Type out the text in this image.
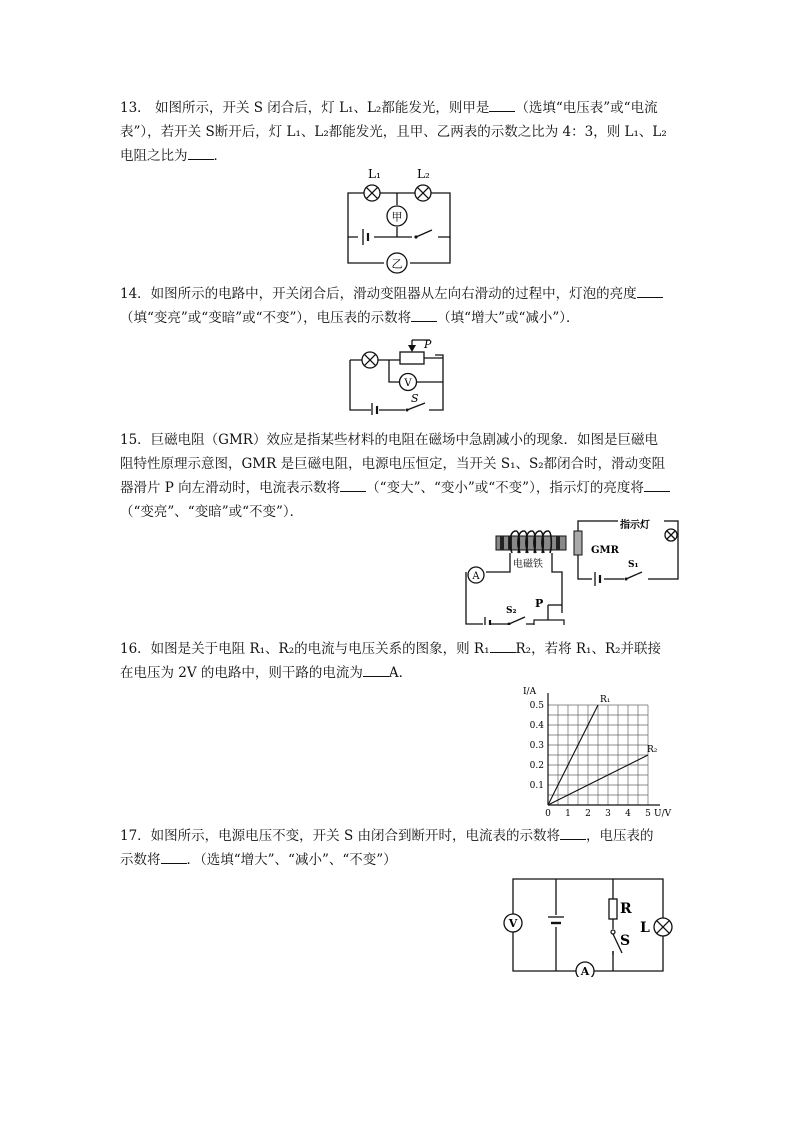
13． 如图所示，开关 S 闭合后，灯 L₁、L₂都能发光，则甲是 （选填“电压表”或“电流

表”），若开关 S断开后，灯 L₁、L₂都能发光，且甲、乙两表的示数之比为 4：3，则 L₁、L₂

电阻之比为 ．

L₁	L₂
甲
乙

14．如图所示的电路中，开关闭合后，滑动变阻器从左向右滑动的过程中，灯泡的亮度

（填“变亮”或“变暗”或“不变”），电压表的示数将 （填“增大”或“减小”）．

P
V
S

15．巨磁电阻（GMR）效应是指某些材料的电阻在磁场中急剧减小的现象．如图是巨磁电

阻特性原理示意图，GMR 是巨磁电阻，电源电压恒定，当开关 S₁、S₂都闭合时，滑动变阻

器滑片 P 向左滑动时，电流表示数将 （“变大”、“变小”或“不变”），指示灯的亮度将

（“变亮”、“变暗”或“不变”）．

电磁铁
A
S₂
P
GMR
指示灯
S₁

16．如图是关于电阻 R₁、R₂的电流与电压关系的图象，则 R₁ R₂，若将 R₁、R₂并联接

在电压为 2V 的电路中，则干路的电流为 A．

0 1 2 3 4 5
0.1
0.2
0.3
0.4
0.5
R₁
R₂
I/A
U/V

17．如图所示，电源电压不变，开关 S 由闭合到断开时，电流表的示数将 ，电压表的

示数将 ．（选填“增大”、“减小”、“不变”）

V
R
S
L
A
